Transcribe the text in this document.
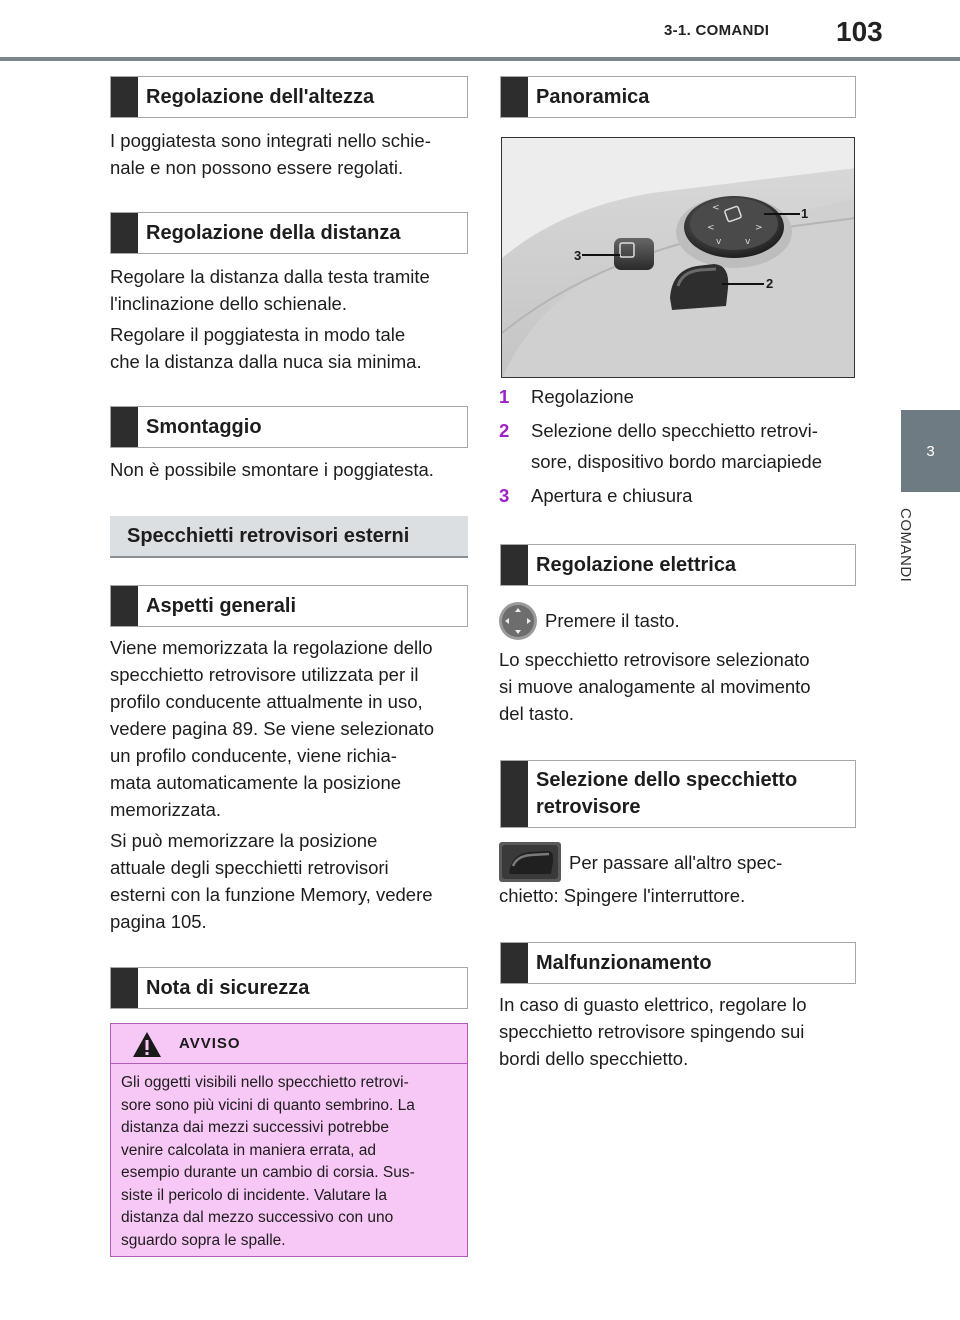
3-1. COMANDI 103
3
COMANDI
Regolazione dell'altezza
I poggiatesta sono integrati nello schie-
nale e non possono essere regolati.
Regolazione della distanza
Regolare la distanza dalla testa tramite
l'inclinazione dello schienale.
Regolare il poggiatesta in modo tale
che la distanza dalla nuca sia minima.
Smontaggio
Non è possibile smontare i poggiatesta.
Specchietti retrovisori esterni
Aspetti generali
Viene memorizzata la regolazione dello
specchietto retrovisore utilizzata per il
profilo conducente attualmente in uso,
vedere pagina 89. Se viene selezionato
un profilo conducente, viene richia-
mata automaticamente la posizione
memorizzata.
Si può memorizzare la posizione
attuale degli specchietti retrovisori
esterni con la funzione Memory, vedere
pagina 105.
Nota di sicurezza
AVVISO
Gli oggetti visibili nello specchietto retrovi-
sore sono più vicini di quanto sembrino. La
distanza dai mezzi successivi potrebbe
venire calcolata in maniera errata, ad
esempio durante un cambio di corsia. Sus-
siste il pericolo di incidente. Valutare la
distanza dal mezzo successivo con uno
sguardo sopra le spalle.
Panoramica
<
<	>
v	v
1
2
3
1 Regolazione
2 Selezione dello specchietto retrovi-
sore, dispositivo bordo marciapiede
3 Apertura e chiusura
Regolazione elettrica
Premere il tasto.
Lo specchietto retrovisore selezionato
si muove analogamente al movimento
del tasto.
Selezione dello specchietto
retrovisore
Per passare all'altro spec-
chietto: Spingere l'interruttore.
Malfunzionamento
In caso di guasto elettrico, regolare lo
specchietto retrovisore spingendo sui
bordi dello specchietto.
